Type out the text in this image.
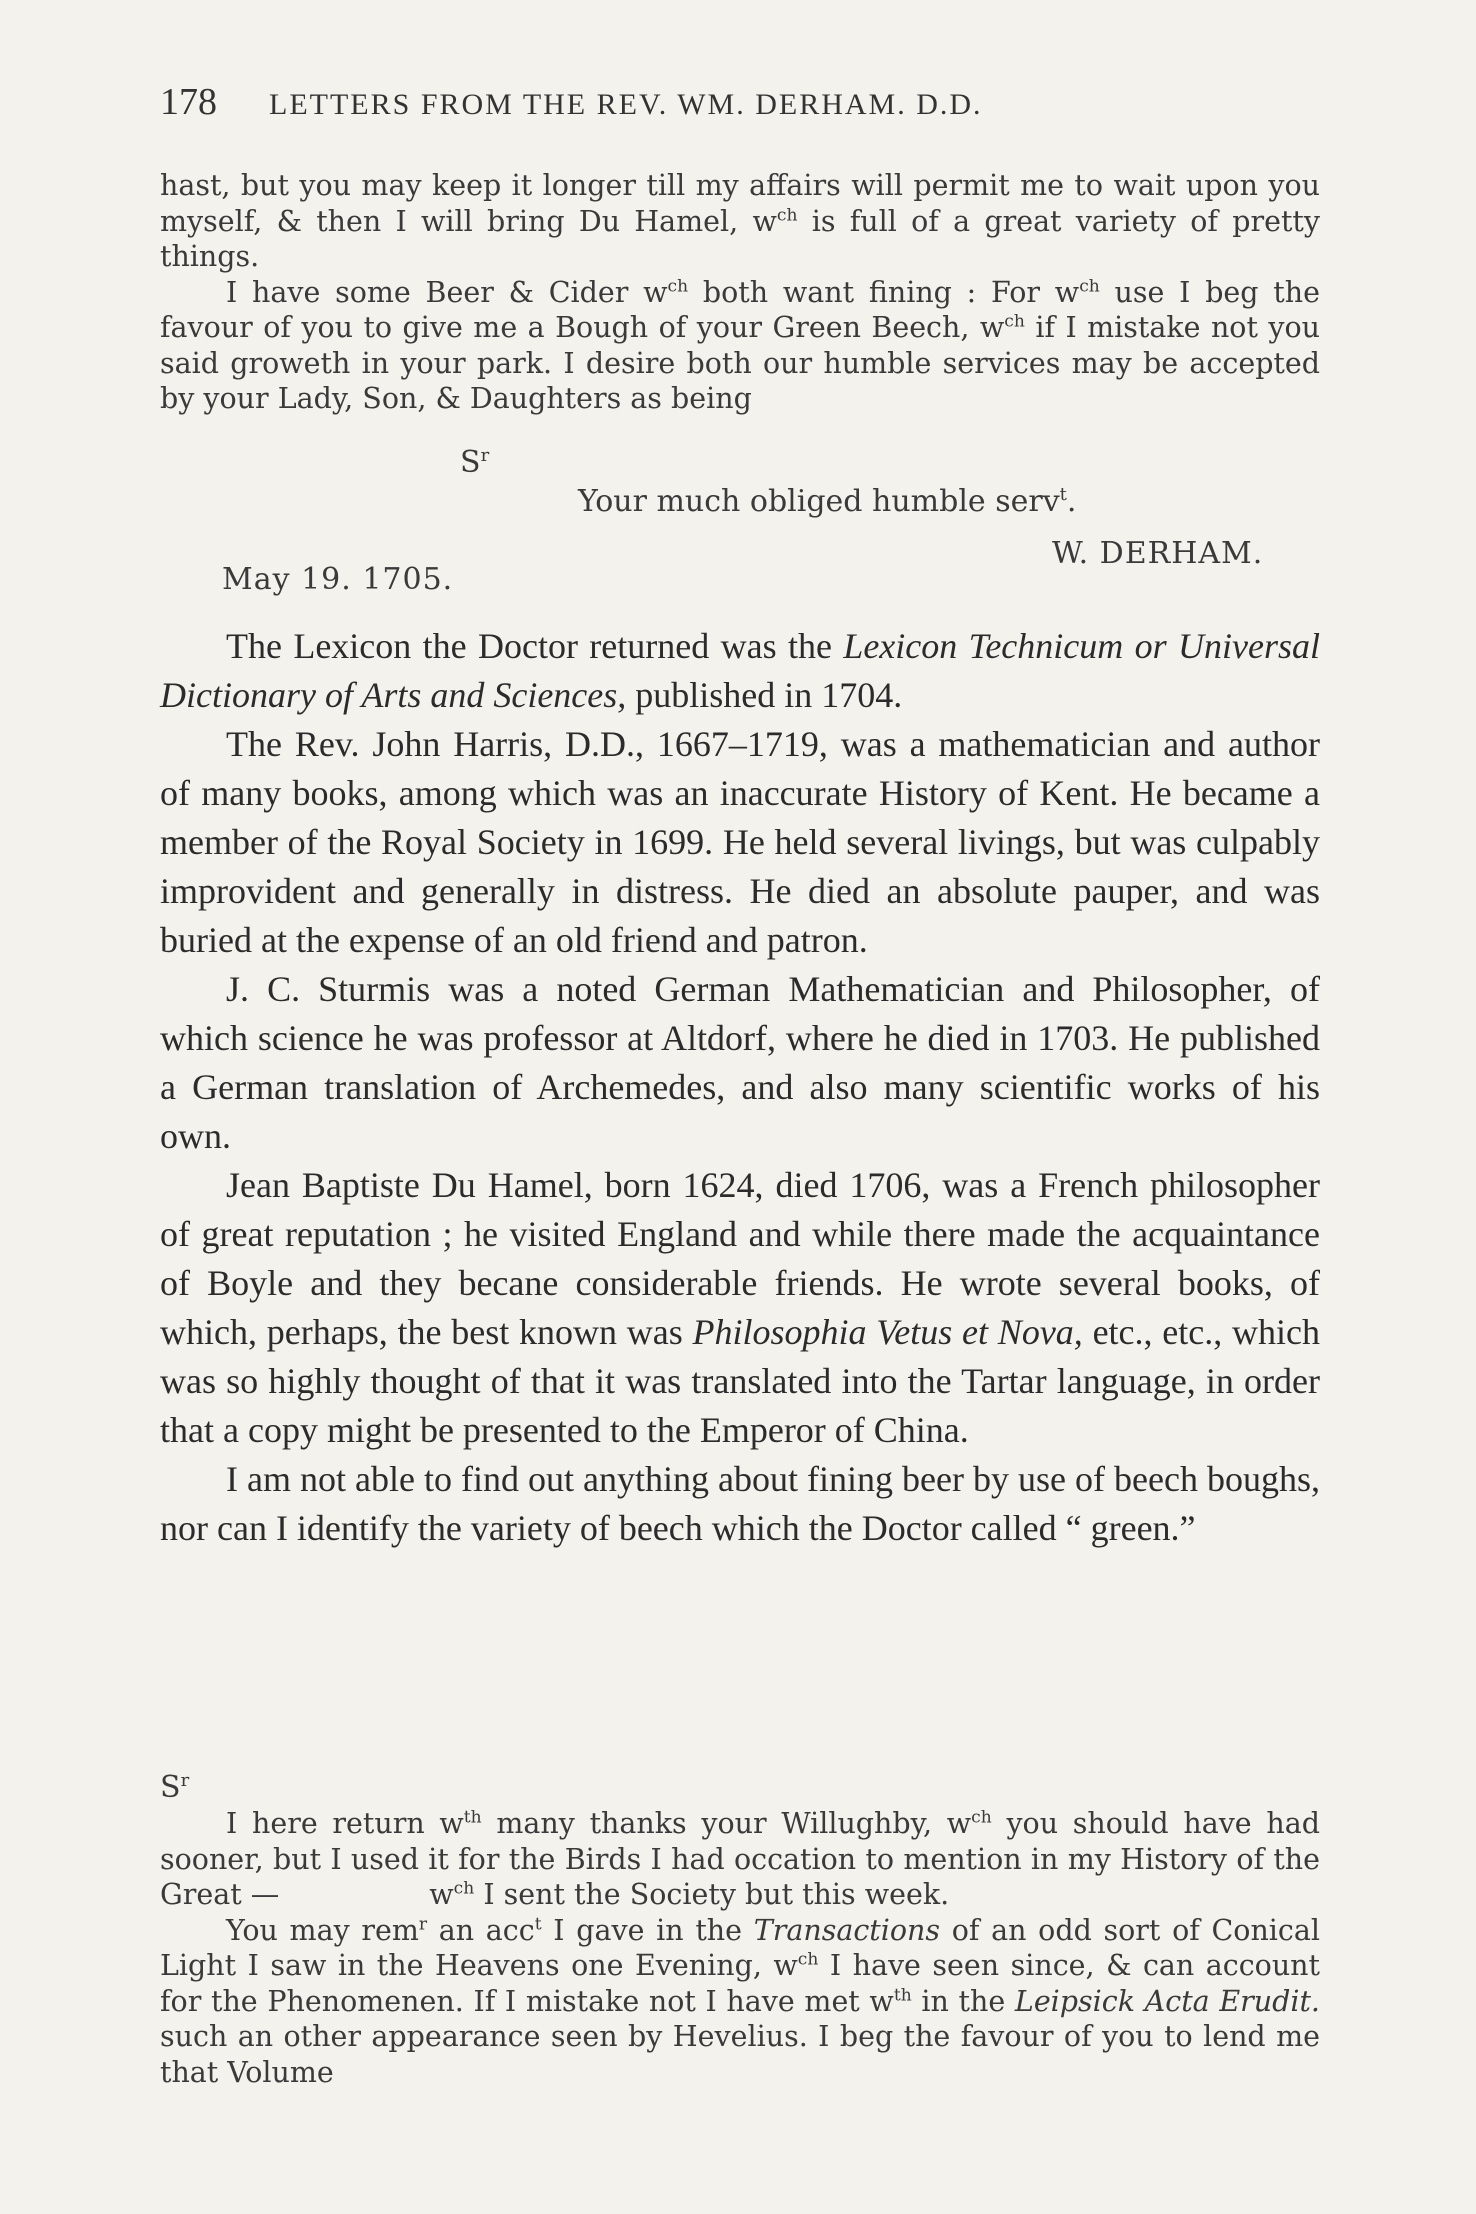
178 LETTERS FROM THE REV. WM. DERHAM. D.D.

hast, but you may keep it longer till my affairs will permit me to wait upon you myself, & then I will bring Du Hamel, $w^{ch}$ is full of a great variety of pretty things.

I have some Beer & Cider $w^{ch}$ both want fining : For $w^{ch}$ use I beg the favour of you to give me a Bough of your Green Beech, $w^{ch}$ if I mistake not you said groweth in your park. I desire both our humble services may be accepted by your Lady, Son, & Daughters as being

$S^r$
Your much obliged humble serv$^t$.
W. DERHAM.
May 19. 1705.

The Lexicon the Doctor returned was the Lexicon Technicum or Universal Dictionary of Arts and Sciences, published in 1704.

The Rev. John Harris, D.D., 1667–1719, was a mathematician and author of many books, among which was an inaccurate History of Kent. He became a member of the Royal Society in 1699. He held several livings, but was culpably improvident and generally in distress. He died an absolute pauper, and was buried at the expense of an old friend and patron.

J. C. Sturmis was a noted German Mathematician and Philosopher, of which science he was professor at Altdorf, where he died in 1703. He published a German translation of Archemedes, and also many scientific works of his own.

Jean Baptiste Du Hamel, born 1624, died 1706, was a French philosopher of great reputation ; he visited England and while there made the acquaintance of Boyle and they becane considerable friends. He wrote several books, of which, perhaps, the best known was Philosophia Vetus et Nova, etc., etc., which was so highly thought of that it was translated into the Tartar language, in order that a copy might be presented to the Emperor of China.

I am not able to find out anything about fining beer by use of beech boughs, nor can I identify the variety of beech which the Doctor called “ green.”

$S^r$

I here return $w^{th}$ many thanks your Willughby, $w^{ch}$ you should have had sooner, but I used it for the Birds I had occation to mention in my History of the Great —	$w^{ch}$ I sent the Society but this week.

You may rem$^r$ an acc$^t$ I gave in the Transactions of an odd sort of Conical Light I saw in the Heavens one Evening, $w^{ch}$ I have seen since, & can account for the Phenomenen. If I mistake not I have met $w^{th}$ in the Leipsick Acta Erudit. such an other appearance seen by Hevelius. I beg the favour of you to lend me that Volume
